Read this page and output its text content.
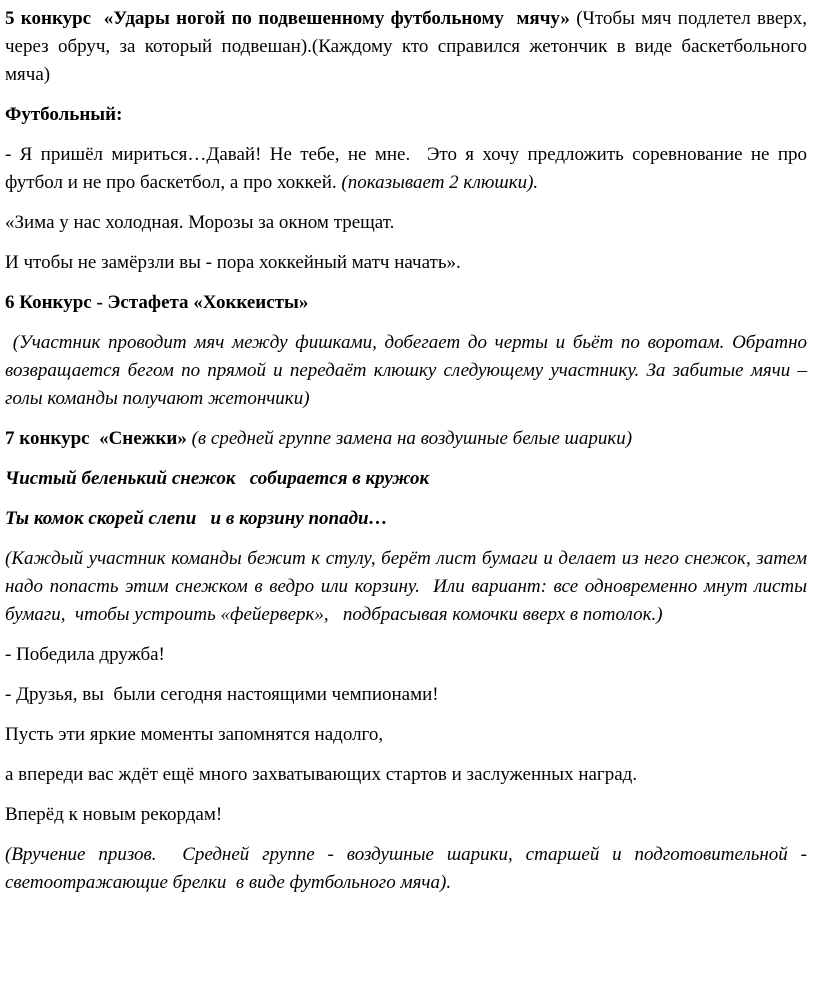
5 конкурс  «Удары ногой по подвешенному футбольному  мячу» (Чтобы мяч подлетел вверх, через обруч, за который подвешан).(Каждому кто справился жетончик в виде баскетбольного мяча)

Футбольный:

- Я пришёл мириться…Давай! Не тебе, не мне.  Это я хочу предложить соревнование не про футбол и не про баскетбол, а про хоккей. (показывает 2 клюшки).

«Зима у нас холодная. Морозы за окном трещат.

И чтобы не замёрзли вы - пора хоккейный матч начать».

6 Конкурс - Эстафета «Хоккеисты»

(Участник проводит мяч между фишками, добегает до черты и бьёт по воротам. Обратно возвращается бегом по прямой и передаёт клюшку следующему участнику. За забитые мячи –голы команды получают жетончики)

7 конкурс  «Снежки» (в средней группе замена на воздушные белые шарики)

Чистый беленький снежок   собирается в кружок

Ты комок скорей слепи   и в корзину попади…

(Каждый участник команды бежит к стулу, берёт лист бумаги и делает из него снежок, затем надо попасть этим снежком в ведро или корзину.  Или вариант: все одновременно мнут листы бумаги,  чтобы устроить «фейерверк»,   подбрасывая комочки вверх в потолок.)

- Победила дружба!

- Друзья, вы  были сегодня настоящими чемпионами!

Пусть эти яркие моменты запомнятся надолго,

а впереди вас ждёт ещё много захватывающих стартов и заслуженных наград.

Вперёд к новым рекордам!

(Вручение призов.  Средней группе - воздушные шарики, старшей и подготовительной - светоотражающие брелки  в виде футбольного мяча).
